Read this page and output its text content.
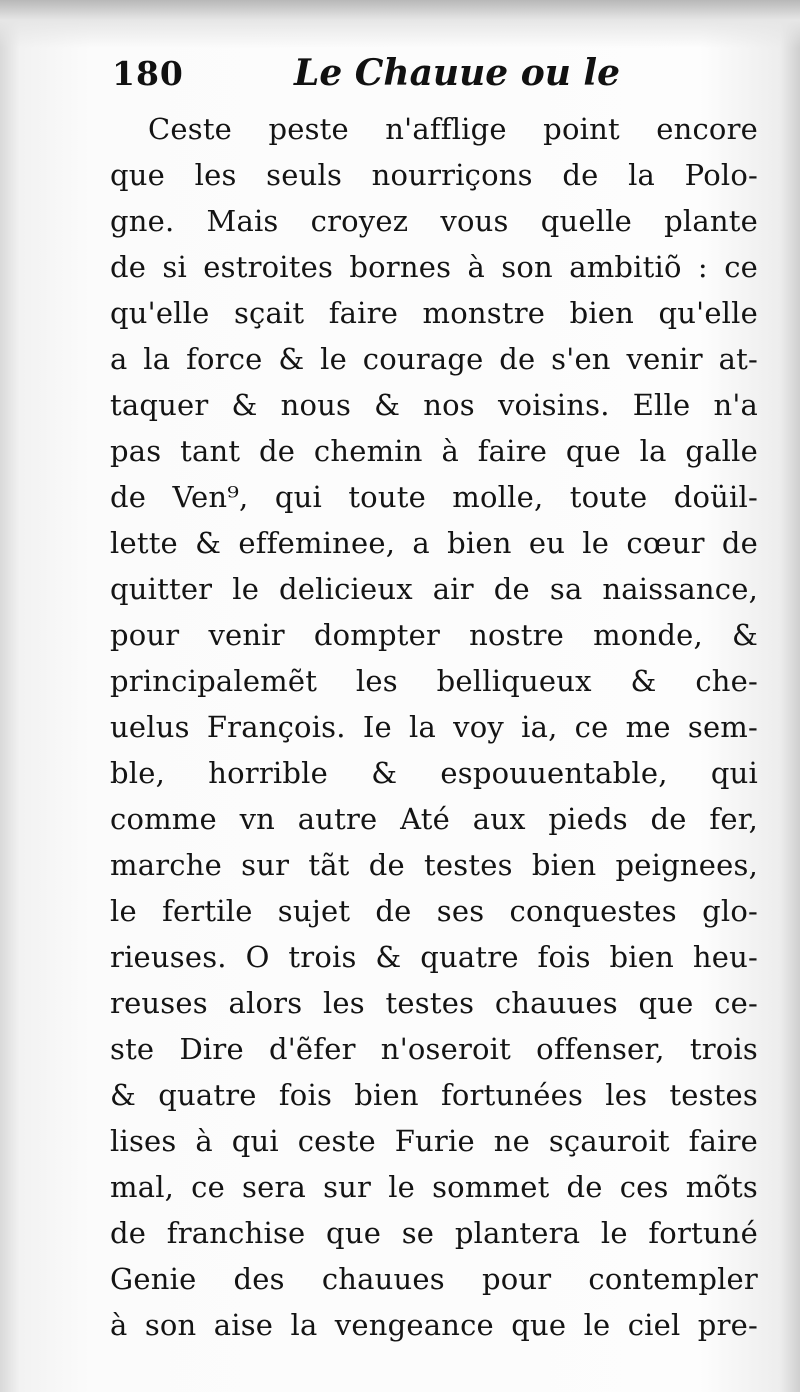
180	Le Chauue ou le
Ceste peste n'afflige point encore
que les seuls nourriçons de la Polo-
gne. Mais croyez vous quelle plante
de si estroites bornes à son ambitiõ : ce
qu'elle sçait faire monstre bien qu'elle
a la force & le courage de s'en venir at-
taquer & nous & nos voisins. Elle n'a
pas tant de chemin à faire que la galle
de Ven⁹, qui toute molle, toute doüil-
lette & effeminee, a bien eu le cœur de
quitter le delicieux air de sa naissance,
pour venir dompter nostre monde, &
principalemẽt les belliqueux & che-
uelus François. Ie la voy ia, ce me sem-
ble, horrible & espouuentable, qui
comme vn autre Até aux pieds de fer,
marche sur tãt de testes bien peignees,
le fertile sujet de ses conquestes glo-
rieuses. O trois & quatre fois bien heu-
reuses alors les testes chauues que ce-
ste Dire d'ẽfer n'oseroit offenser, trois
& quatre fois bien fortunées les testes
lises à qui ceste Furie ne sçauroit faire
mal, ce sera sur le sommet de ces mõts
de franchise que se plantera le fortuné
Genie des chauues pour contempler
à son aise la vengeance que le ciel pre-
